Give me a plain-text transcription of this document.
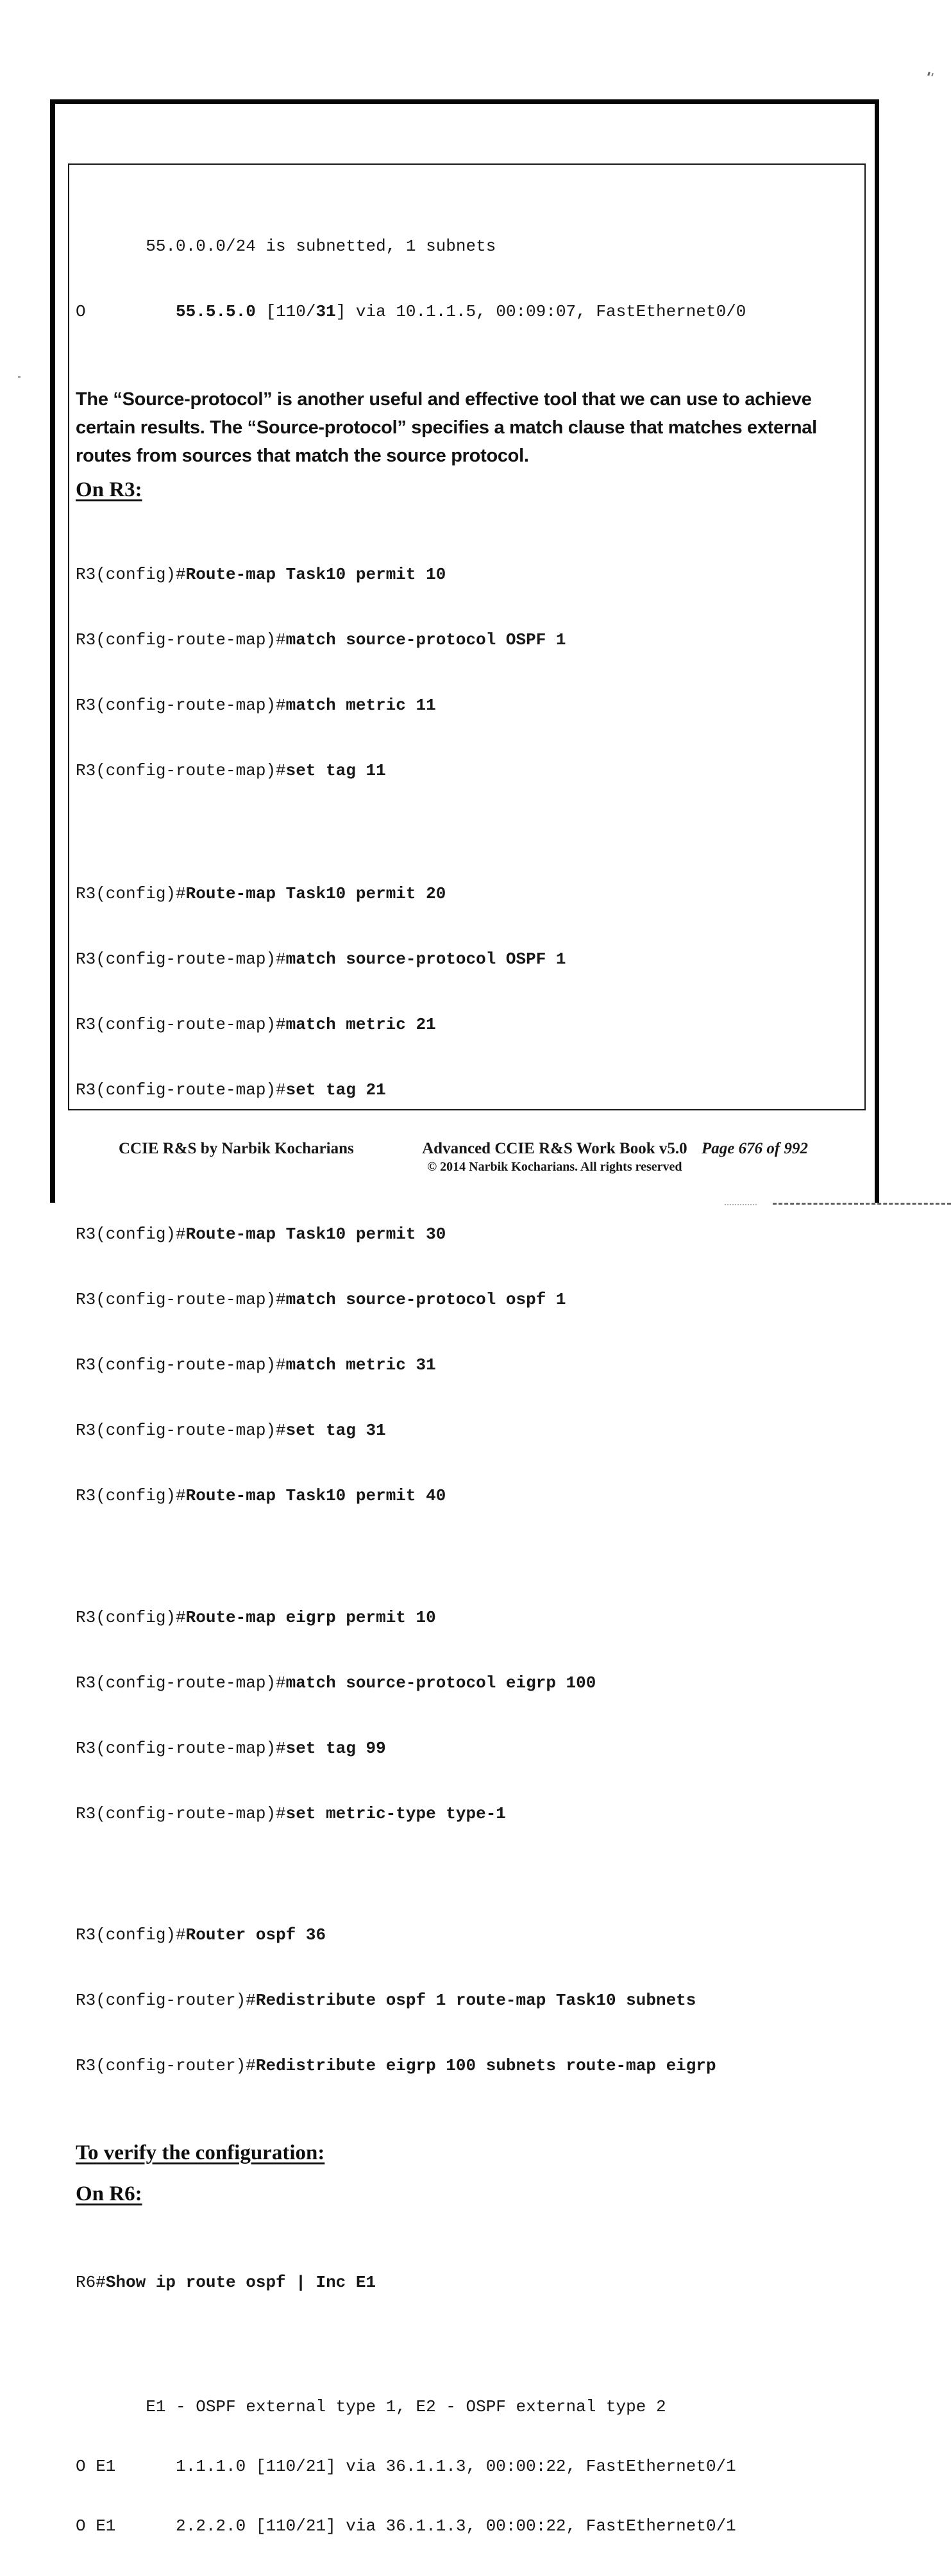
55.0.0.0/24 is subnetted, 1 subnets

O         55.5.5.0 [110/31] via 10.1.1.5, 00:09:07, FastEthernet0/0

The “Source-protocol” is another useful and effective tool that we can use to achieve certain results. The “Source-protocol” specifies a match clause that matches external routes from sources that match the source protocol.
On R3:

R3(config)#Route-map Task10 permit 10

R3(config-route-map)#match source-protocol OSPF 1

R3(config-route-map)#match metric 11

R3(config-route-map)#set tag 11

R3(config)#Route-map Task10 permit 20

R3(config-route-map)#match source-protocol OSPF 1

R3(config-route-map)#match metric 21

R3(config-route-map)#set tag 21

R3(config)#Route-map Task10 permit 30

R3(config-route-map)#match source-protocol ospf 1

R3(config-route-map)#match metric 31

R3(config-route-map)#set tag 31

R3(config)#Route-map Task10 permit 40

R3(config)#Route-map eigrp permit 10

R3(config-route-map)#match source-protocol eigrp 100

R3(config-route-map)#set tag 99

R3(config-route-map)#set metric-type type-1

R3(config)#Router ospf 36

R3(config-router)#Redistribute ospf 1 route-map Task10 subnets

R3(config-router)#Redistribute eigrp 100 subnets route-map eigrp

To verify the configuration:
On R6:

R6#Show ip route ospf | Inc E1

E1 - OSPF external type 1, E2 - OSPF external type 2

O E1      1.1.1.0 [110/21] via 36.1.1.3, 00:00:22, FastEthernet0/1

O E1      2.2.2.0 [110/21] via 36.1.1.3, 00:00:22, FastEthernet0/1

CCIE R&S by Narbik Kocharians	Advanced CCIE R&S Work Book v5.0
© 2014 Narbik Kocharians. All rights reserved
Page 676 of 992
